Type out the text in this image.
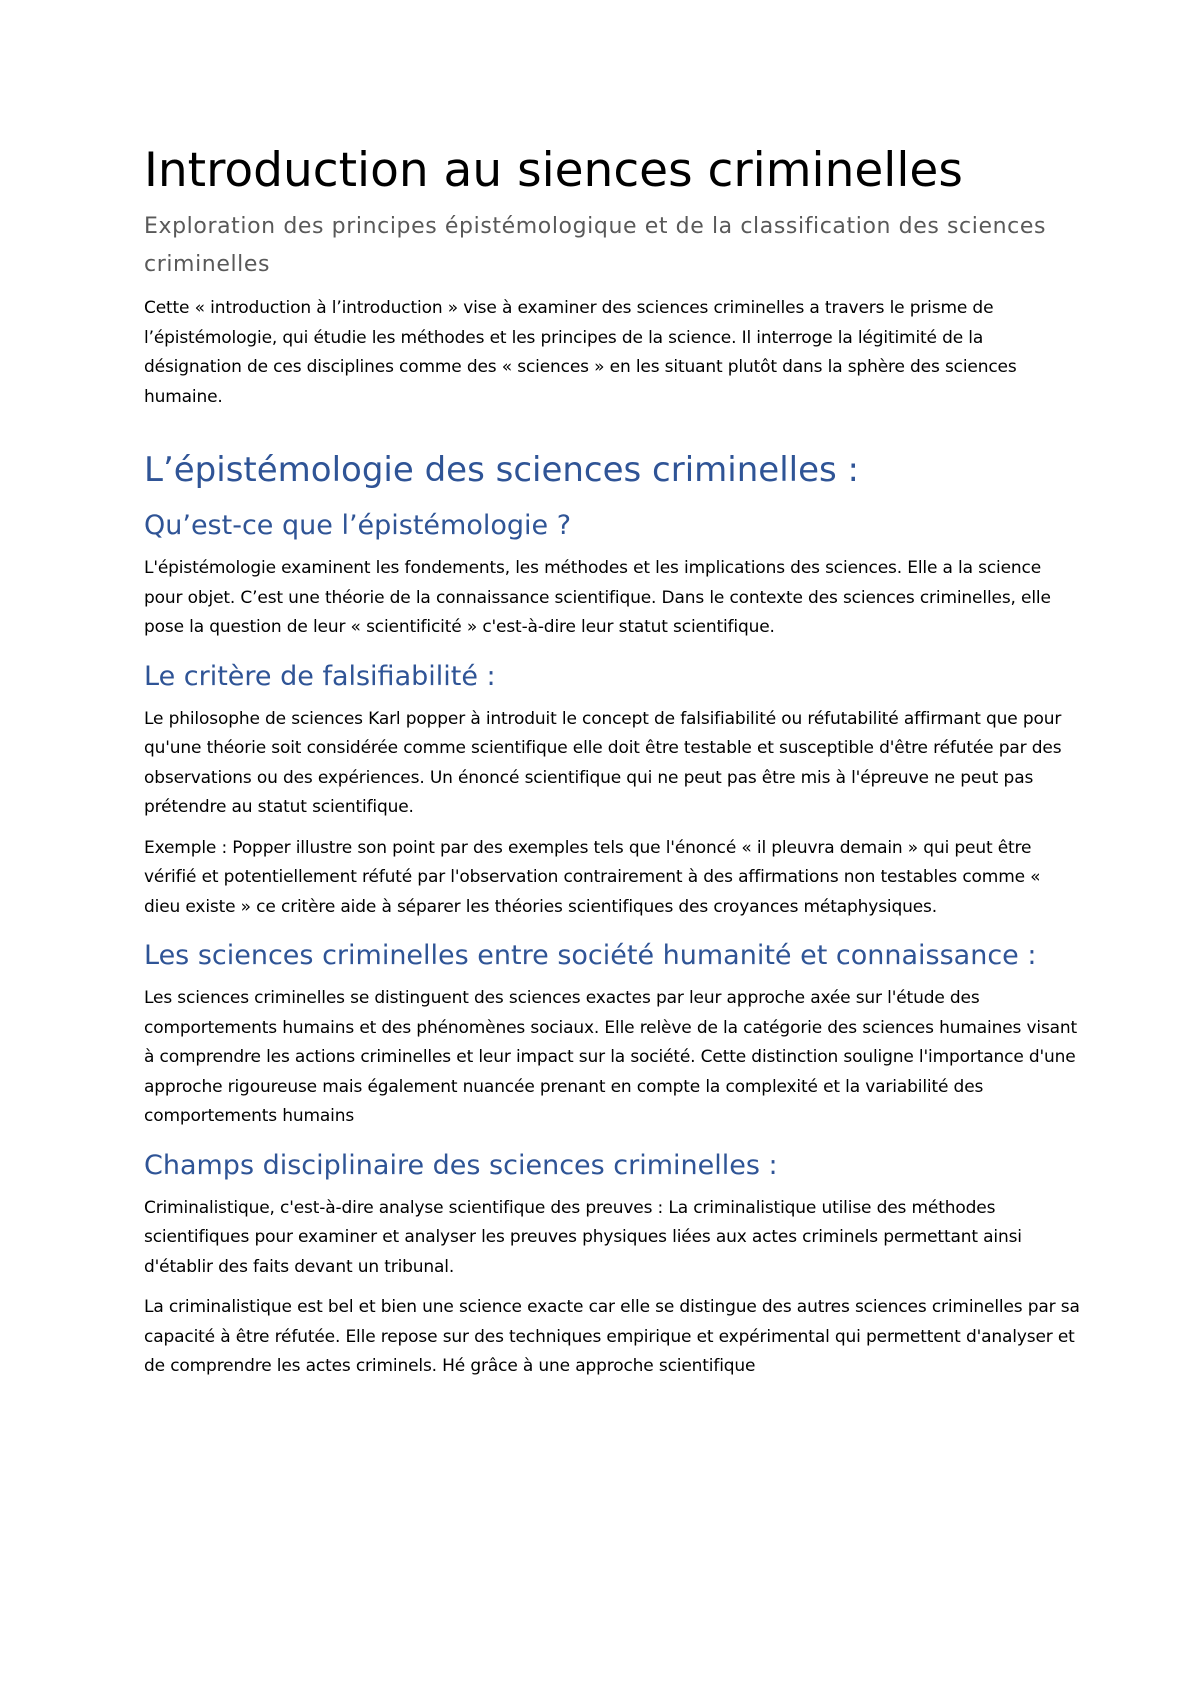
Introduction au siences criminelles
Exploration des principes épistémologique et de la classification des sciences criminelles

Cette « introduction à l’introduction » vise à examiner des sciences criminelles a travers le prisme de l’épistémologie, qui étudie les méthodes et les principes de la science. Il interroge la légitimité de la désignation de ces disciplines comme des « sciences » en les situant plutôt dans la sphère des sciences humaine.

L’épistémologie des sciences criminelles :
Qu’est-ce que l’épistémologie ?

L'épistémologie examinent les fondements, les méthodes et les implications des sciences. Elle a la science pour objet. C’est une théorie de la connaissance scientifique. Dans le contexte des sciences criminelles, elle pose la question de leur « scientificité » c'est-à-dire leur statut scientifique.

Le critère de falsifiabilité :

Le philosophe de sciences Karl popper à introduit le concept de falsifiabilité ou réfutabilité affirmant que pour qu'une théorie soit considérée comme scientifique elle doit être testable et susceptible d'être réfutée par des observations ou des expériences. Un énoncé scientifique qui ne peut pas être mis à l'épreuve ne peut pas prétendre au statut scientifique.

Exemple : Popper illustre son point par des exemples tels que l'énoncé « il pleuvra demain » qui peut être vérifié et potentiellement réfuté par l'observation contrairement à des affirmations non testables comme « dieu existe » ce critère aide à séparer les théories scientifiques des croyances métaphysiques.

Les sciences criminelles entre société humanité et connaissance :

Les sciences criminelles se distinguent des sciences exactes par leur approche axée sur l'étude des comportements humains et des phénomènes sociaux. Elle relève de la catégorie des sciences humaines visant à comprendre les actions criminelles et leur impact sur la société. Cette distinction souligne l'importance d'une approche rigoureuse mais également nuancée prenant en compte la complexité et la variabilité des comportements humains

Champs disciplinaire des sciences criminelles :

Criminalistique, c'est-à-dire analyse scientifique des preuves : La criminalistique utilise des méthodes scientifiques pour examiner et analyser les preuves physiques liées aux actes criminels permettant ainsi d'établir des faits devant un tribunal.

La criminalistique est bel et bien une science exacte car elle se distingue des autres sciences criminelles par sa capacité à être réfutée. Elle repose sur des techniques empirique et expérimental qui permettent d'analyser et de comprendre les actes criminels. Hé grâce à une approche scientifique
